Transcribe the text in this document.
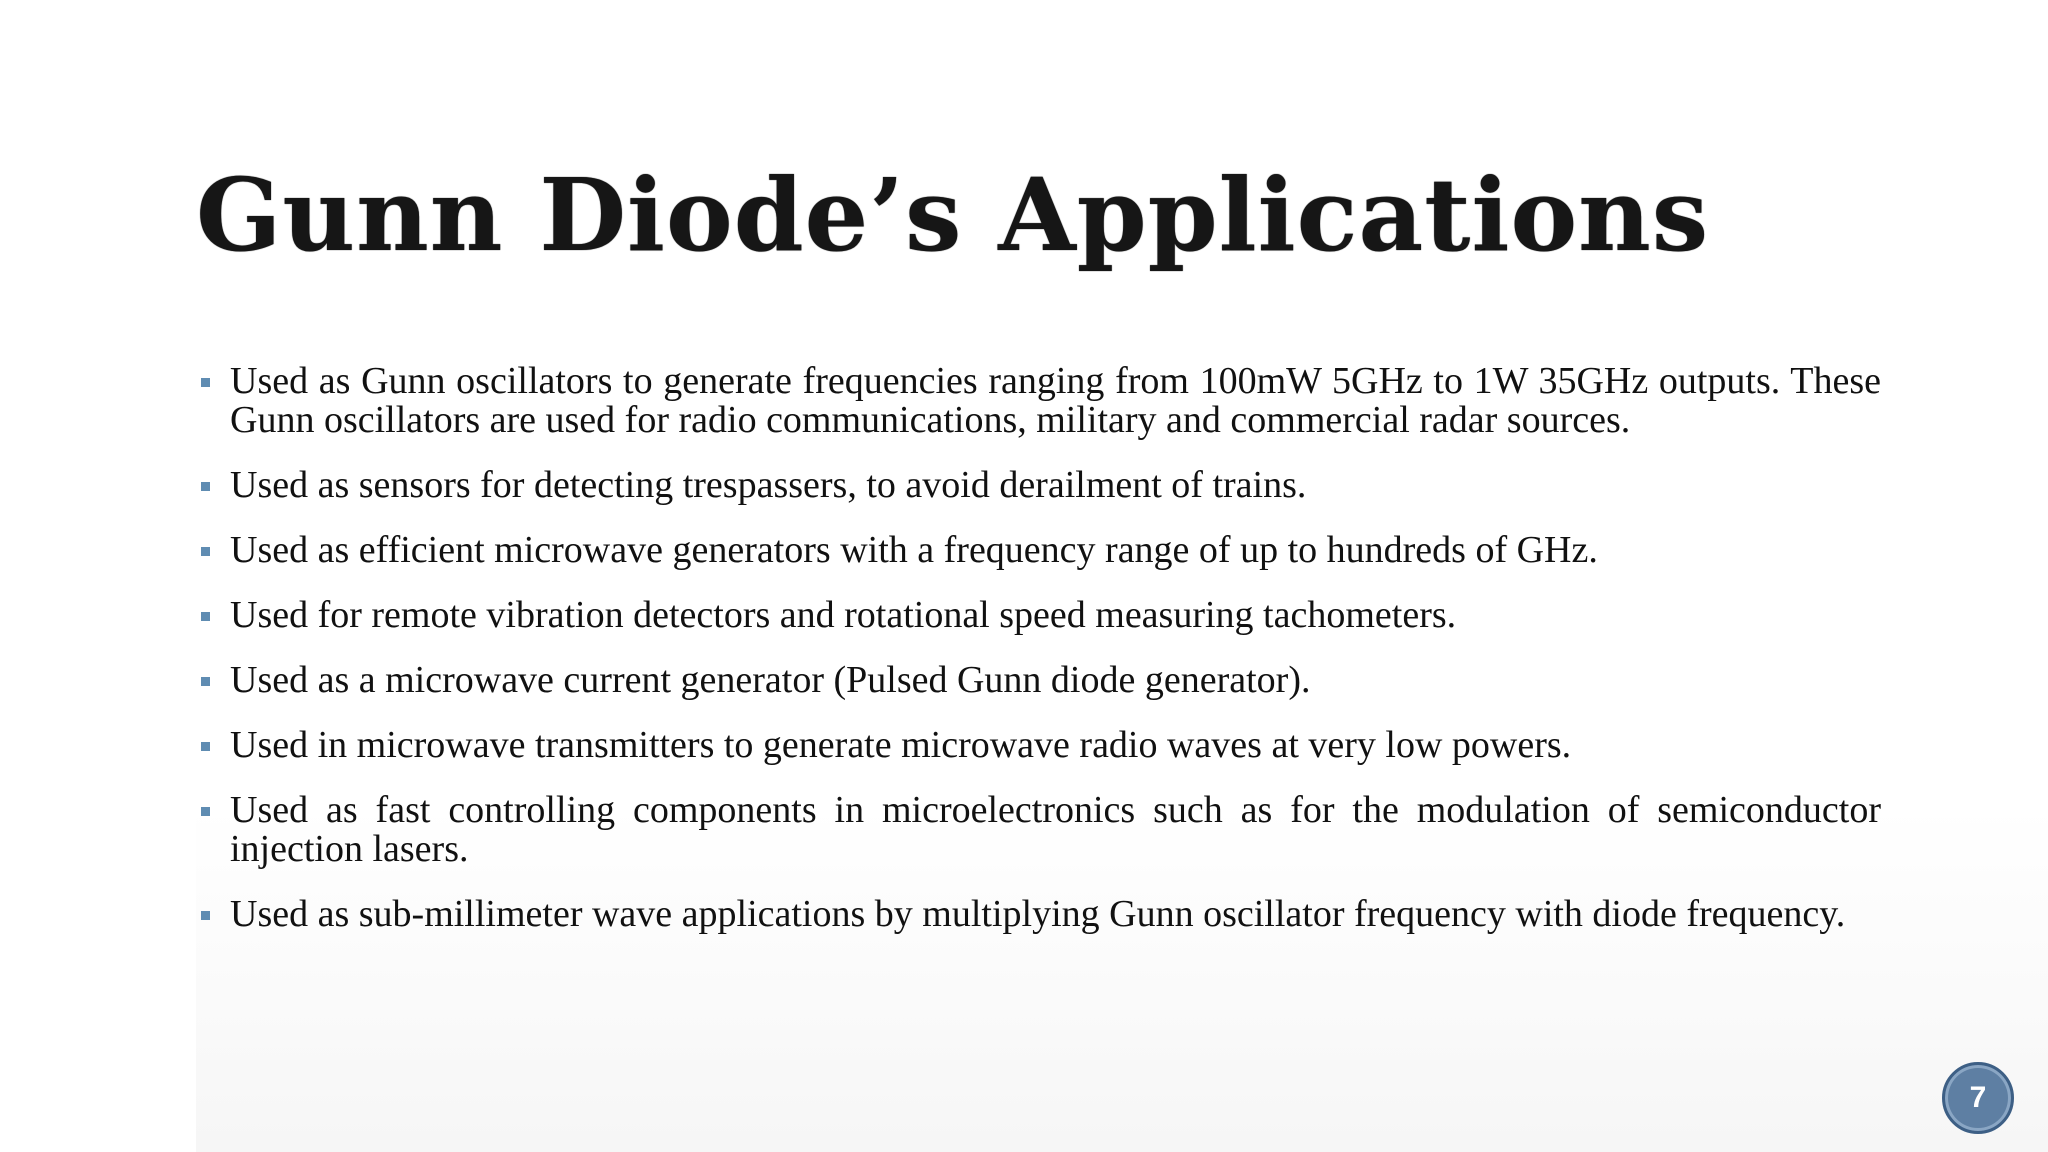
Gunn Diode’s Applications
Used as Gunn oscillators to generate frequencies ranging from 100mW 5GHz to 1W 35GHz outputs. These Gunn oscillators are used for radio communications, military and commercial radar sources.
Used as sensors for detecting trespassers, to avoid derailment of trains.
Used as efficient microwave generators with a frequency range of up to hundreds of GHz.
Used for remote vibration detectors and rotational speed measuring tachometers.
Used as a microwave current generator (Pulsed Gunn diode generator).
Used in microwave transmitters to generate microwave radio waves at very low powers.
Used as fast controlling components in microelectronics such as for the modulation of semiconductor injection lasers.
Used as sub-millimeter wave applications by multiplying Gunn oscillator frequency with diode frequency.
7
